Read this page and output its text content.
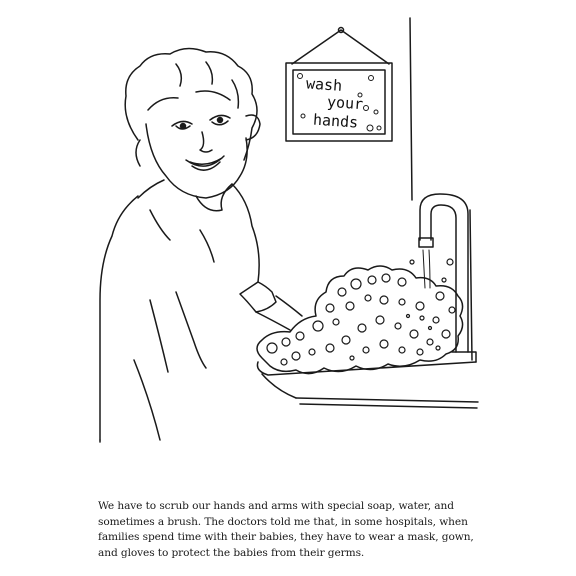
wash
your
hands
We have to scrub our hands and arms with special soap, water, and
sometimes a brush. The doctors told me that, in some hospitals, when
families spend time with their babies, they have to wear a mask, gown,
and gloves to protect the babies from their germs.
